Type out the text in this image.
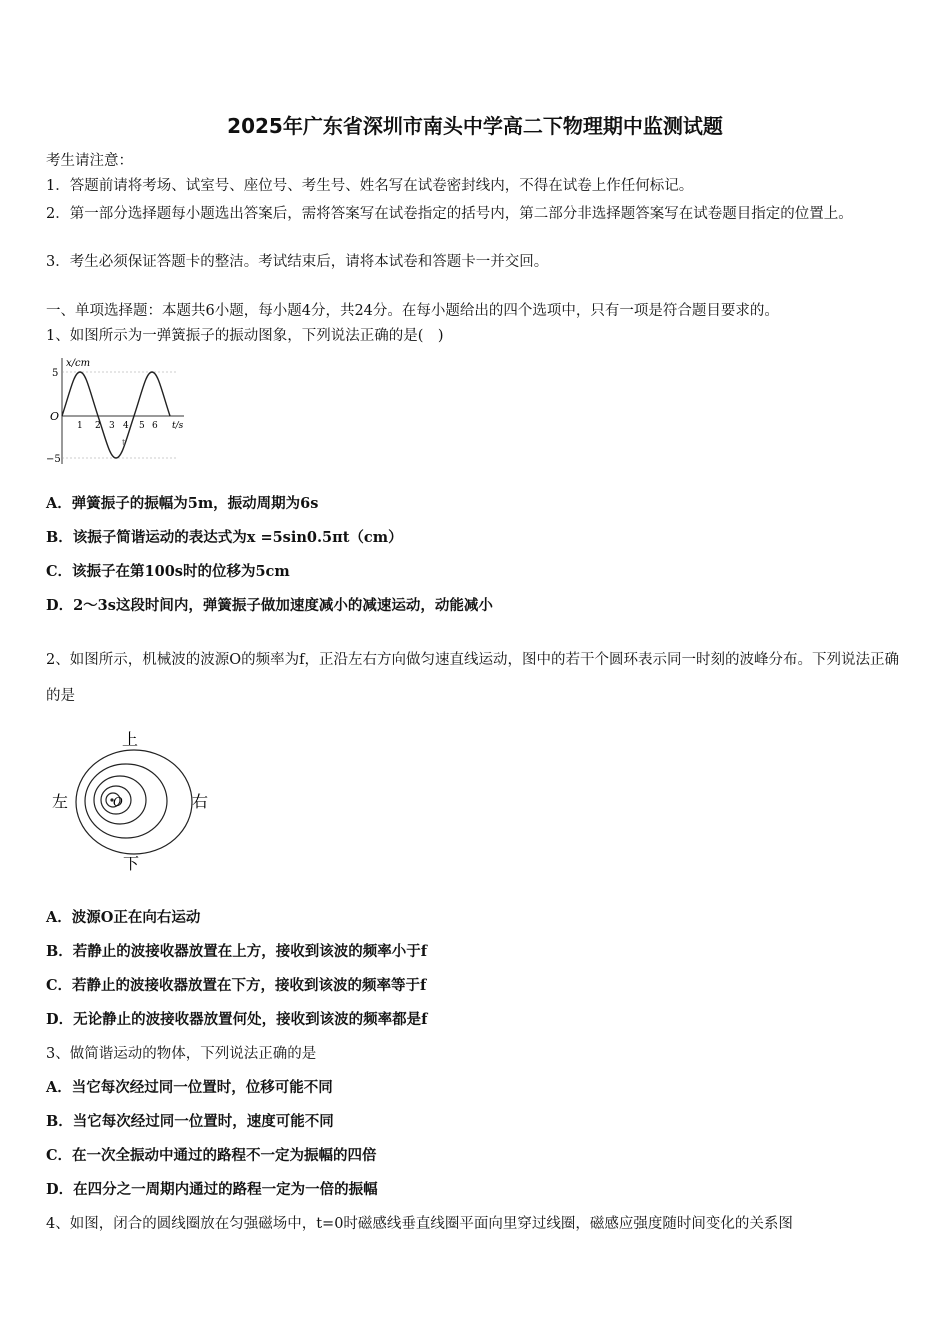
2025年广东省深圳市南头中学高二下物理期中监测试题
考生请注意：
1．答题前请将考场、试室号、座位号、考生号、姓名写在试卷密封线内，不得在试卷上作任何标记。
2．第一部分选择题每小题选出答案后，需将答案写在试卷指定的括号内，第二部分非选择题答案写在试卷题目指定的位置上。
3．考生必须保证答题卡的整洁。考试结束后，请将本试卷和答题卡一并交回。
一、单项选择题：本题共6小题，每小题4分，共24分。在每小题给出的四个选项中，只有一项是符合题目要求的。
1、如图所示为一弹簧振子的振动图象，下列说法正确的是(　)
x/cm
t/s
O
5
−5
1 2 3 4 5 6
t
A．弹簧振子的振幅为5m，振动周期为6s
B．该振子简谐运动的表达式为x =5sin0.5πt（cm）
C．该振子在第100s时的位移为5cm
D．2～3s这段时间内，弹簧振子做加速度减小的减速运动，动能减小
2、如图所示，机械波的波源O的频率为f，正沿左右方向做匀速直线运动，图中的若干个圆环表示同一时刻的波峰分布。下列说法正确的是
O
上
下
左	右
A．波源O正在向右运动
B．若静止的波接收器放置在上方，接收到该波的频率小于f
C．若静止的波接收器放置在下方，接收到该波的频率等于f
D．无论静止的波接收器放置何处，接收到该波的频率都是f
3、做简谐运动的物体，下列说法正确的是
A．当它每次经过同一位置时，位移可能不同
B．当它每次经过同一位置时，速度可能不同
C．在一次全振动中通过的路程不一定为振幅的四倍
D．在四分之一周期内通过的路程一定为一倍的振幅
4、如图，闭合的圆线圈放在匀强磁场中，t=0时磁感线垂直线圈平面向里穿过线圈，磁感应强度随时间变化的关系图
